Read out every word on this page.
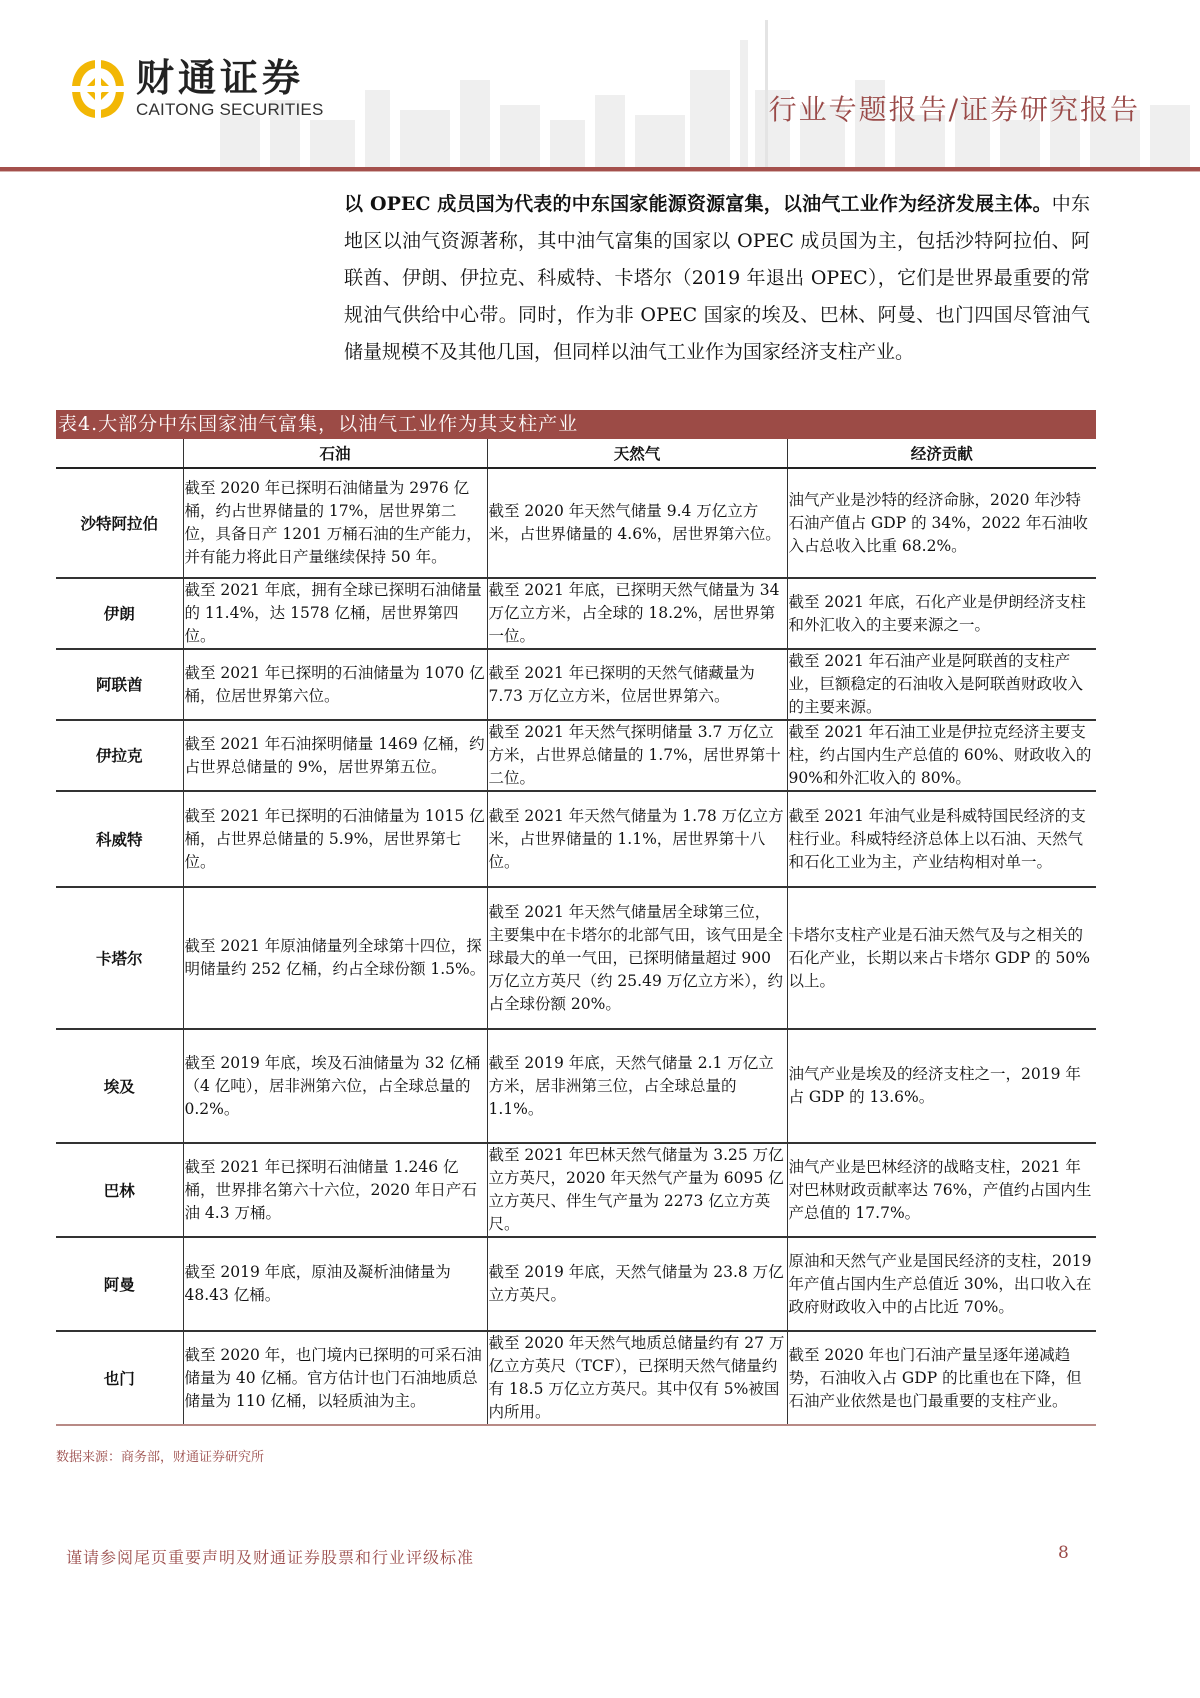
财通证券
CAITONG SECURITIES	行业专题报告/证券研究报告
以 OPEC 成员国为代表的中东国家能源资源富集，以油气工业作为经济发展主体。中东地区以油气资源著称，其中油气富集的国家以 OPEC 成员国为主，包括沙特阿拉伯、阿联酋、伊朗、伊拉克、科威特、卡塔尔（2019 年退出 OPEC），它们是世界最重要的常规油气供给中心带。同时，作为非 OPEC 国家的埃及、巴林、阿曼、也门四国尽管油气储量规模不及其他几国，但同样以油气工业作为国家经济支柱产业。
表4.大部分中东国家油气富集，以油气工业作为其支柱产业
	石油	天然气	经济贡献
沙特阿拉伯	截至 2020 年已探明石油储量为 2976 亿桶，约占世界储量的 17%，居世界第二位，具备日产 1201 万桶石油的生产能力，并有能力将此日产量继续保持 50 年。	截至 2020 年天然气储量 9.4 万亿立方米，占世界储量的 4.6%，居世界第六位。	油气产业是沙特的经济命脉，2020 年沙特石油产值占 GDP 的 34%，2022 年石油收入占总收入比重 68.2%。
伊朗	截至 2021 年底，拥有全球已探明石油储量的 11.4%，达 1578 亿桶，居世界第四位。	截至 2021 年底，已探明天然气储量为 34 万亿立方米，占全球的 18.2%，居世界第一位。	截至 2021 年底，石化产业是伊朗经济支柱和外汇收入的主要来源之一。
阿联酋	截至 2021 年已探明的石油储量为 1070 亿桶，位居世界第六位。	截至 2021 年已探明的天然气储藏量为 7.73 万亿立方米，位居世界第六。	截至 2021 年石油产业是阿联酋的支柱产业，巨额稳定的石油收入是阿联酋财政收入的主要来源。
伊拉克	截至 2021 年石油探明储量 1469 亿桶，约占世界总储量的 9%，居世界第五位。	截至 2021 年天然气探明储量 3.7 万亿立方米，占世界总储量的 1.7%，居世界第十二位。	截至 2021 年石油工业是伊拉克经济主要支柱，约占国内生产总值的 60%、财政收入的 90%和外汇收入的 80%。
科威特	截至 2021 年已探明的石油储量为 1015 亿桶，占世界总储量的 5.9%，居世界第七位。	截至 2021 年天然气储量为 1.78 万亿立方米，占世界储量的 1.1%，居世界第十八位。	截至 2021 年油气业是科威特国民经济的支柱行业。科威特经济总体上以石油、天然气和石化工业为主，产业结构相对单一。
卡塔尔	截至 2021 年原油储量列全球第十四位，探明储量约 252 亿桶，约占全球份额 1.5%。	截至 2021 年天然气储量居全球第三位，主要集中在卡塔尔的北部气田，该气田是全球最大的单一气田，已探明储量超过 900 万亿立方英尺（约 25.49 万亿立方米），约占全球份额 20%。	卡塔尔支柱产业是石油天然气及与之相关的石化产业，长期以来占卡塔尔 GDP 的 50%以上。
埃及	截至 2019 年底，埃及石油储量为 32 亿桶（4 亿吨），居非洲第六位，占全球总量的 0.2%。	截至 2019 年底，天然气储量 2.1 万亿立方米，居非洲第三位，占全球总量的 1.1%。	油气产业是埃及的经济支柱之一，2019 年占 GDP 的 13.6%。
巴林	截至 2021 年已探明石油储量 1.246 亿桶，世界排名第六十六位，2020 年日产石油 4.3 万桶。	截至 2021 年巴林天然气储量为 3.25 万亿立方英尺，2020 年天然气产量为 6095 亿立方英尺、伴生气产量为 2273 亿立方英尺。	油气产业是巴林经济的战略支柱，2021 年对巴林财政贡献率达 76%，产值约占国内生产总值的 17.7%。
阿曼	截至 2019 年底，原油及凝析油储量为 48.43 亿桶。	截至 2019 年底，天然气储量为 23.8 万亿立方英尺。	原油和天然气产业是国民经济的支柱，2019 年产值占国内生产总值近 30%，出口收入在政府财政收入中的占比近 70%。
也门	截至 2020 年，也门境内已探明的可采石油储量为 40 亿桶。官方估计也门石油地质总储量为 110 亿桶，以轻质油为主。	截至 2020 年天然气地质总储量约有 27 万亿立方英尺（TCF），已探明天然气储量约有 18.5 万亿立方英尺。其中仅有 5%被国内所用。	截至 2020 年也门石油产量呈逐年递减趋势，石油收入占 GDP 的比重也在下降，但石油产业依然是也门最重要的支柱产业。
数据来源：商务部，财通证券研究所
谨请参阅尾页重要声明及财通证券股票和行业评级标准	8
